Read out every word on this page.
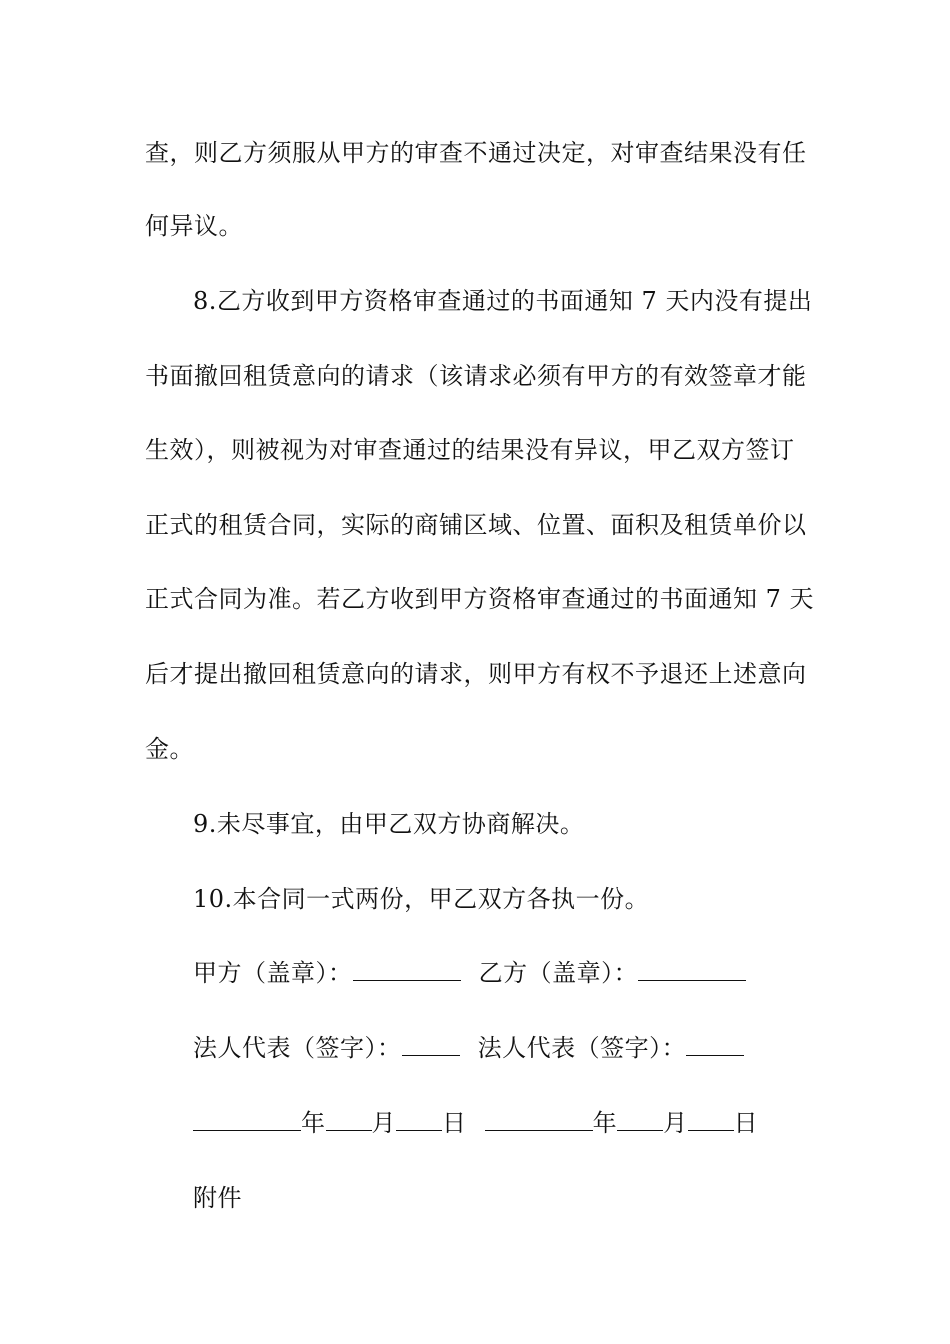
查，则乙方须服从甲方的审查不通过决定，对审查结果没有任
何异议。
8.乙方收到甲方资格审查通过的书面通知 7 天内没有提出
书面撤回租赁意向的请求（该请求必须有甲方的有效签章才能
生效），则被视为对审查通过的结果没有异议，甲乙双方签订
正式的租赁合同，实际的商铺区域、位置、面积及租赁单价以
正式合同为准。若乙方收到甲方资格审查通过的书面通知 7 天
后才提出撤回租赁意向的请求，则甲方有权不予退还上述意向
金。
9.未尽事宜，由甲乙双方协商解决。
10.本合同一式两份，甲乙双方各执一份。
甲方（盖章）：	乙方（盖章）：
法人代表（签字）：	法人代表（签字）：
年 月 日	年 月 日
附件
